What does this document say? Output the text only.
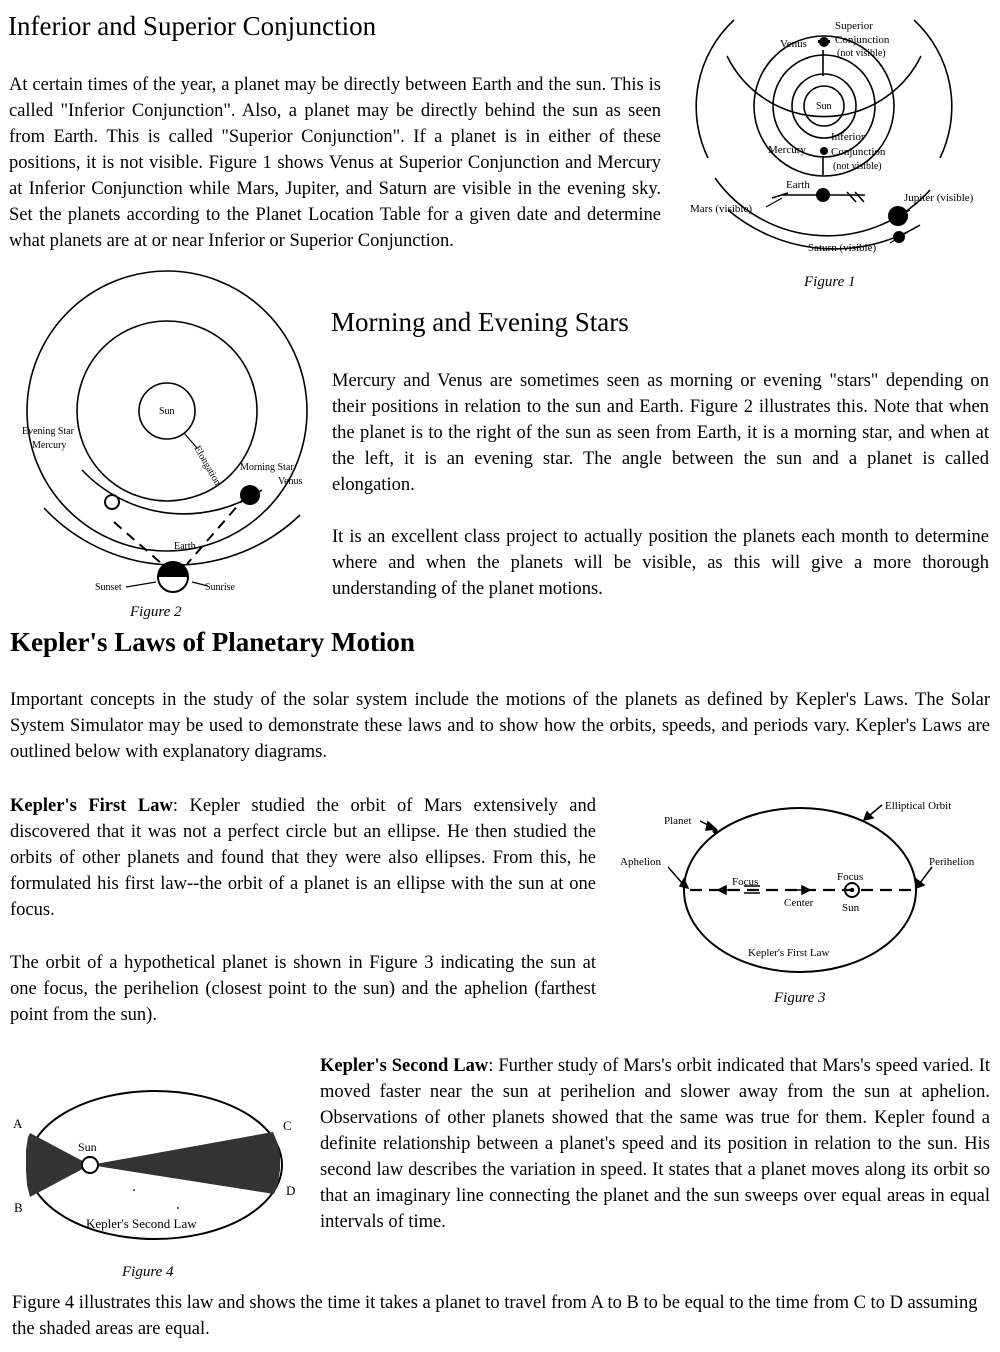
Inferior and Superior Conjunction

At certain times of the year, a planet may be directly between Earth and the sun. This is called "Inferior Conjunction". Also, a planet may be directly behind the sun as seen from Earth. This is called "Superior Conjunction". If a planet is in either of these positions, it is not visible. Figure 1 shows Venus at Superior Conjunction and Mercury at Inferior Conjunction while Mars, Jupiter, and Saturn are visible in the evening sky. Set the planets according to the Planet Location Table for a given date and determine what planets are at or near Inferior or Superior Conjunction.

Superior
Conjunction
(not visible)
Venus
Sun
Inferior
Conjunction
(not visible)
Mercury
Earth
Mars (visible)
Jupiter (visible)
Saturn (visible)
Figure 1
Morning and Evening Stars

Mercury and Venus are sometimes seen as morning or evening "stars" depending on their positions in relation to the sun and Earth. Figure 2 illustrates this. Note that when the planet is to the right of the sun as seen from Earth, it is a morning star, and when at the left, it is an evening star. The angle between the sun and a planet is called elongation.

It is an excellent class project to actually position the planets each month to determine where and when the planets will be visible, as this will give a more thorough understanding of the planet motions.

Sun
Evening Star
Mercury	Elongation Morning Star
Venus
Earth
Sunset	Sunrise
Figure 2
Kepler's Laws of Planetary Motion

Important concepts in the study of the solar system include the motions of the planets as defined by Kepler's Laws. The Solar System Simulator may be used to demonstrate these laws and to show how the orbits, speeds, and periods vary. Kepler's Laws are outlined below with explanatory diagrams.

Kepler's First Law: Kepler studied the orbit of Mars extensively and discovered that it was not a perfect circle but an ellipse. He then studied the orbits of other planets and found that they were also ellipses. From this, he formulated his first law--the orbit of a planet is an ellipse with the sun at one focus.

The orbit of a hypothetical planet is shown in Figure 3 indicating the sun at one focus, the perihelion (closest point to the sun) and the aphelion (farthest point from the sun).

Planet
Elliptical Orbit
Aphelion	Perihelion
Focus	Focus
Center	Sun
Kepler's First Law
Figure 3
A
B
C
D
Sun
Kepler's Second Law
Figure 4

Kepler's Second Law: Further study of Mars's orbit indicated that Mars's speed varied. It moved faster near the sun at perihelion and slower away from the sun at aphelion. Observations of other planets showed that the same was true for them. Kepler found a definite relationship between a planet's speed and its position in relation to the sun. His second law describes the variation in speed. It states that a planet moves along its orbit so that an imaginary line connecting the planet and the sun sweeps over equal areas in equal intervals of time.

Figure 4 illustrates this law and shows the time it takes a planet to travel from A to B to be equal to the time from C to D assuming the shaded areas are equal.
